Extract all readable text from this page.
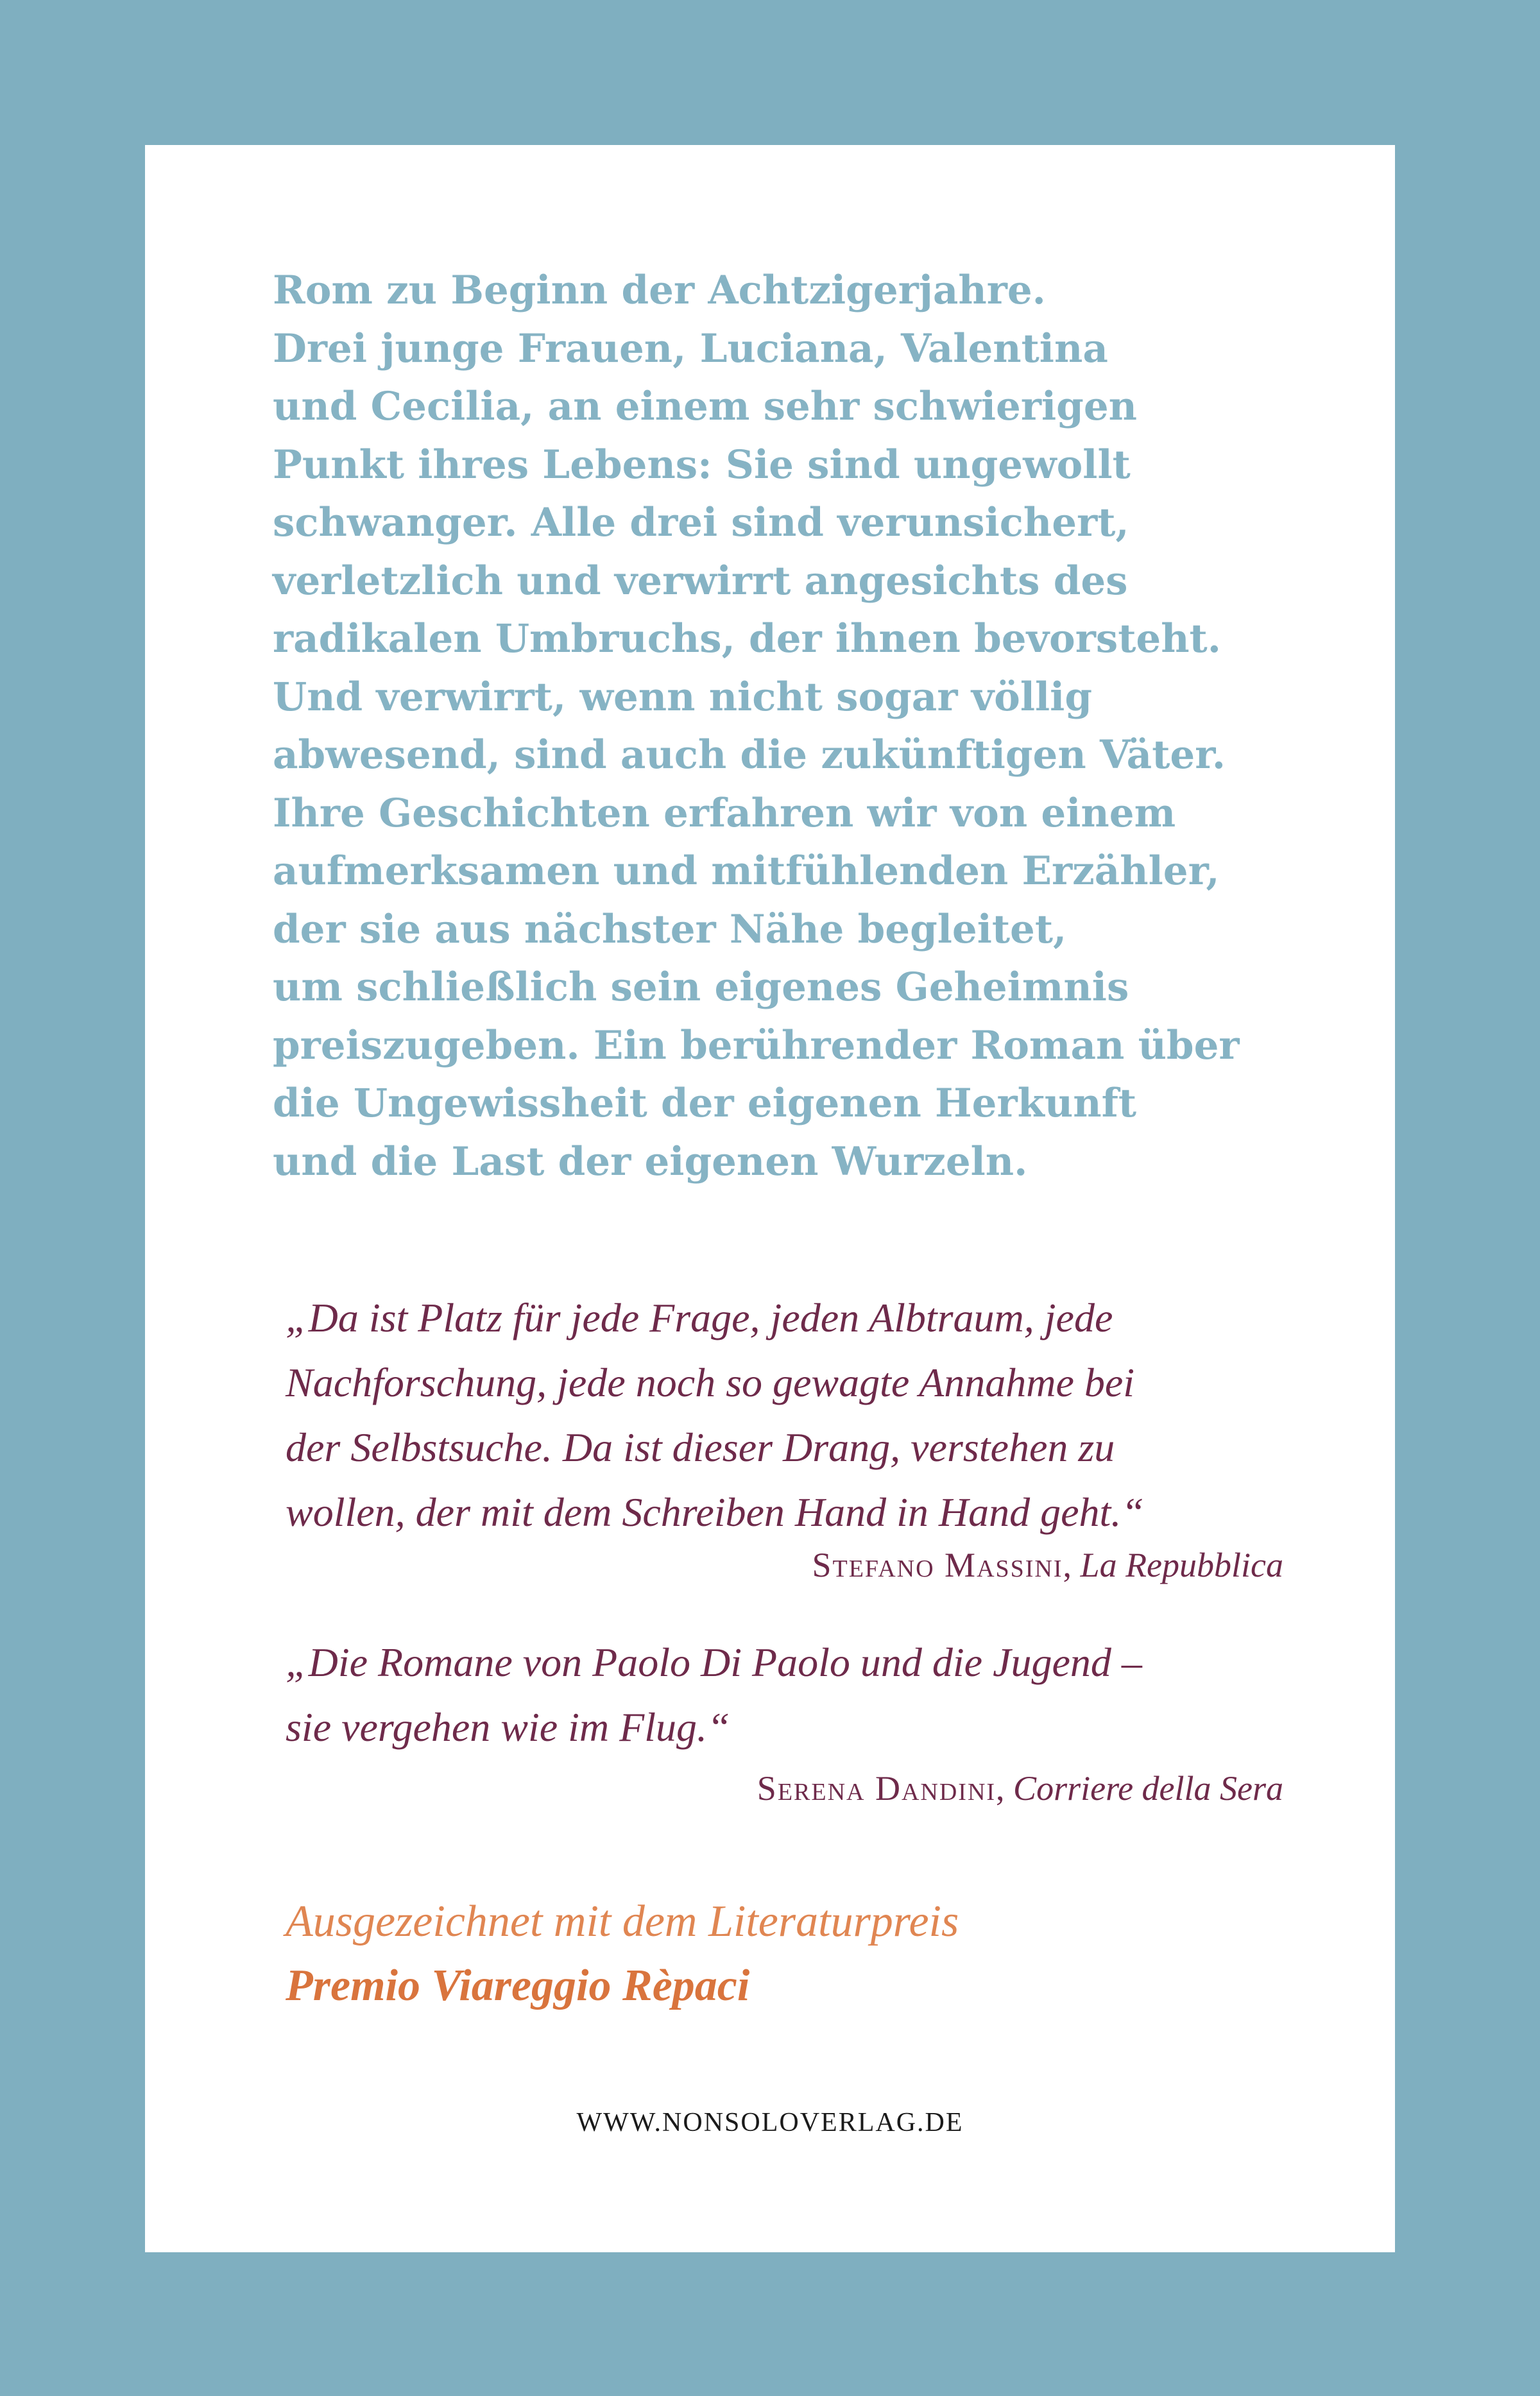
Rom zu Beginn der Achtzigerjahre.
Drei junge Frauen, Luciana, Valentina
und Cecilia, an einem sehr schwierigen
Punkt ihres Lebens: Sie sind ungewollt
schwanger. Alle drei sind verunsichert,
verletzlich und verwirrt angesichts des
radikalen Umbruchs, der ihnen bevorsteht.
Und verwirrt, wenn nicht sogar völlig
abwesend, sind auch die zukünftigen Väter.
Ihre Geschichten erfahren wir von einem
aufmerksamen und mitfühlenden Erzähler,
der sie aus nächster Nähe begleitet,
um schließlich sein eigenes Geheimnis
preiszugeben. Ein berührender Roman über
die Ungewissheit der eigenen Herkunft
und die Last der eigenen Wurzeln.
„Da ist Platz für jede Frage, jeden Albtraum, jede
Nachforschung, jede noch so gewagte Annahme bei
der Selbstsuche. Da ist dieser Drang, verstehen zu
wollen, der mit dem Schreiben Hand in Hand geht.“
Stefano Massini, La Repubblica
„Die Romane von Paolo Di Paolo und die Jugend –
sie vergehen wie im Flug.“
Serena Dandini, Corriere della Sera
Ausgezeichnet mit dem Literaturpreis
Premio Viareggio Rèpaci
WWW.NONSOLOVERLAG.DE
